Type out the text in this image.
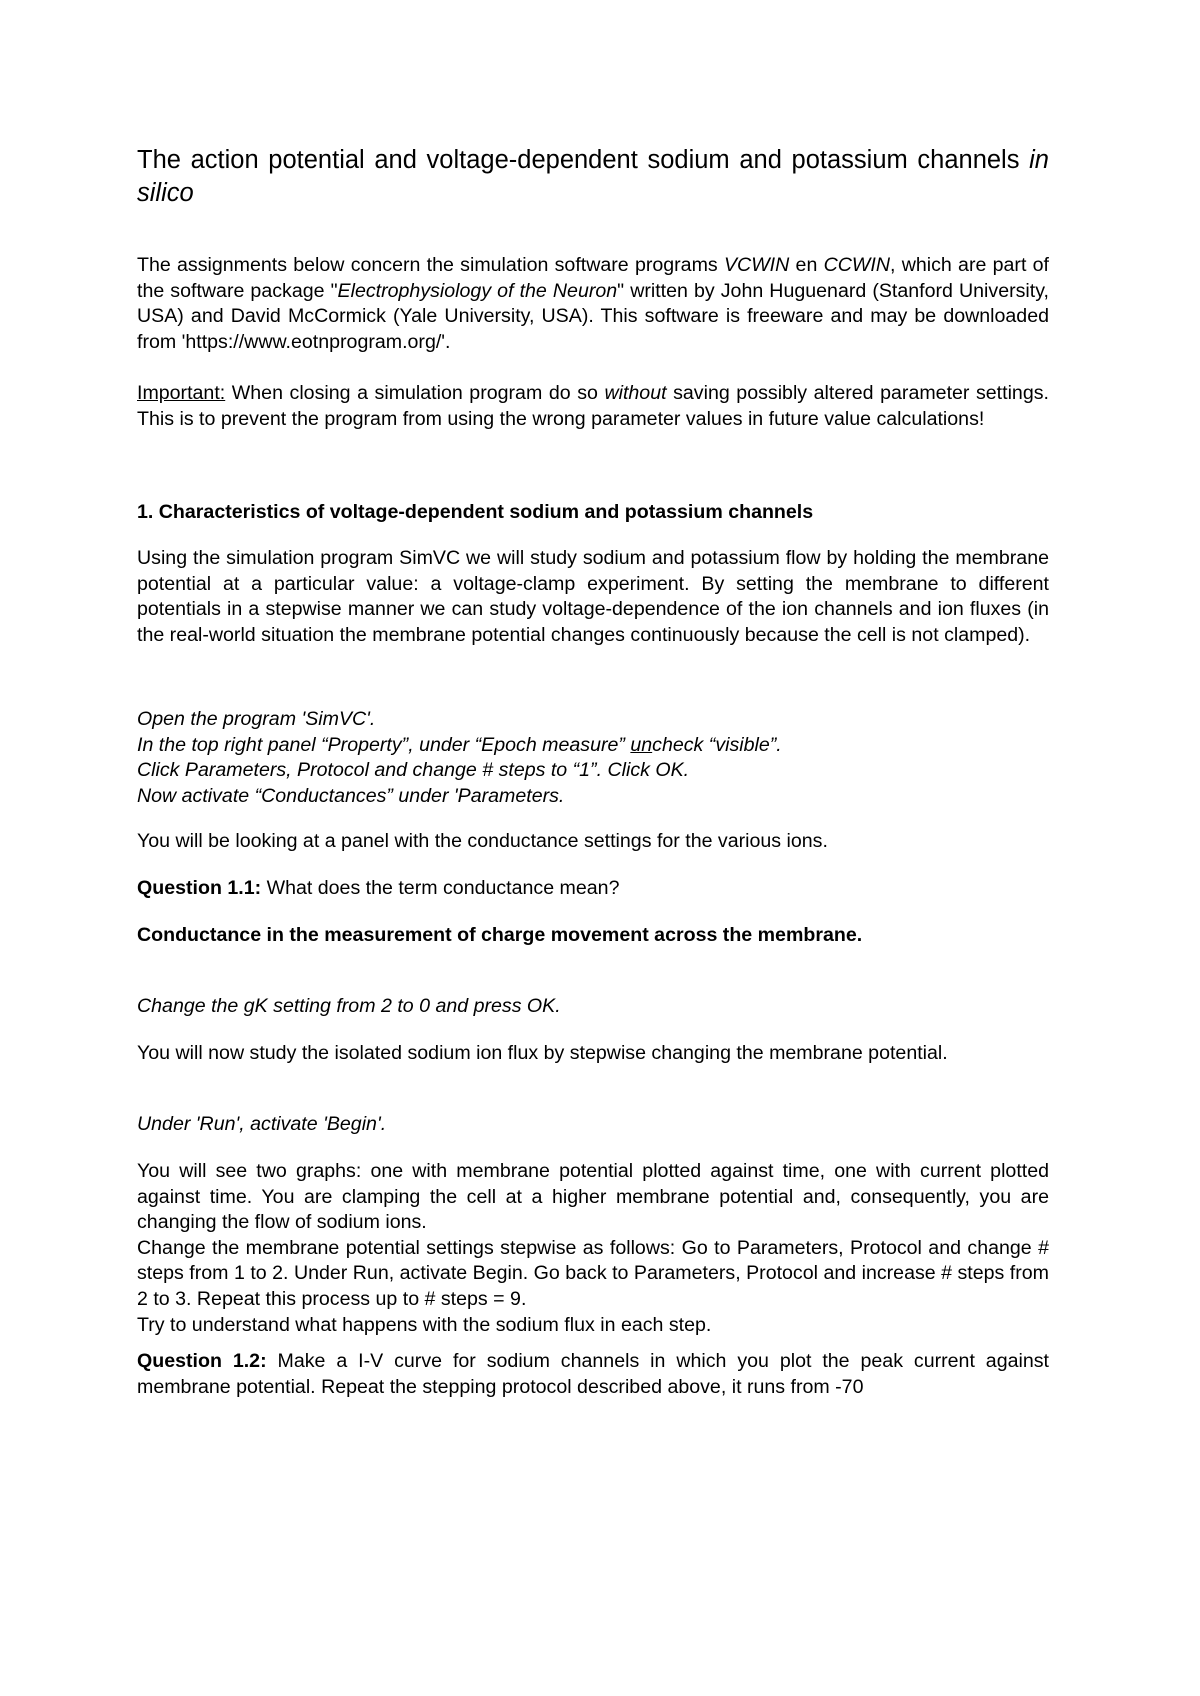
The action potential and voltage-dependent sodium and potassium channels in silico

The assignments below concern the simulation software programs VCWIN en CCWIN, which are part of the software package "Electrophysiology of the Neuron" written by John Huguenard (Stanford University, USA) and David McCormick (Yale University, USA). This software is freeware and may be downloaded from 'https://www.eotnprogram.org/'.

Important: When closing a simulation program do so without saving possibly altered parameter settings. This is to prevent the program from using the wrong parameter values in future value calculations!

1. Characteristics of voltage-dependent sodium and potassium channels

Using the simulation program SimVC we will study sodium and potassium flow by holding the membrane potential at a particular value: a voltage-clamp experiment. By setting the membrane to different potentials in a stepwise manner we can study voltage-dependence of the ion channels and ion fluxes (in the real-world situation the membrane potential changes continuously because the cell is not clamped).

Open the program 'SimVC'.
In the top right panel “Property”, under “Epoch measure” uncheck “visible”.
Click Parameters, Protocol and change # steps to “1”. Click OK.
Now activate “Conductances” under 'Parameters.

You will be looking at a panel with the conductance settings for the various ions.

Question 1.1: What does the term conductance mean?

Conductance in the measurement of charge movement across the membrane.

Change the gK setting from 2 to 0 and press OK.

You will now study the isolated sodium ion flux by stepwise changing the membrane potential.

Under 'Run', activate 'Begin'.

You will see two graphs: one with membrane potential plotted against time, one with current plotted against time. You are clamping the cell at a higher membrane potential and, consequently, you are changing the flow of sodium ions.
Change the membrane potential settings stepwise as follows: Go to Parameters, Protocol and change # steps from 1 to 2. Under Run, activate Begin. Go back to Parameters, Protocol and increase # steps from 2 to 3. Repeat this process up to # steps = 9.
Try to understand what happens with the sodium flux in each step.

Question 1.2: Make a I-V curve for sodium channels in which you plot the peak current against membrane potential. Repeat the stepping protocol described above, it runs from -70
